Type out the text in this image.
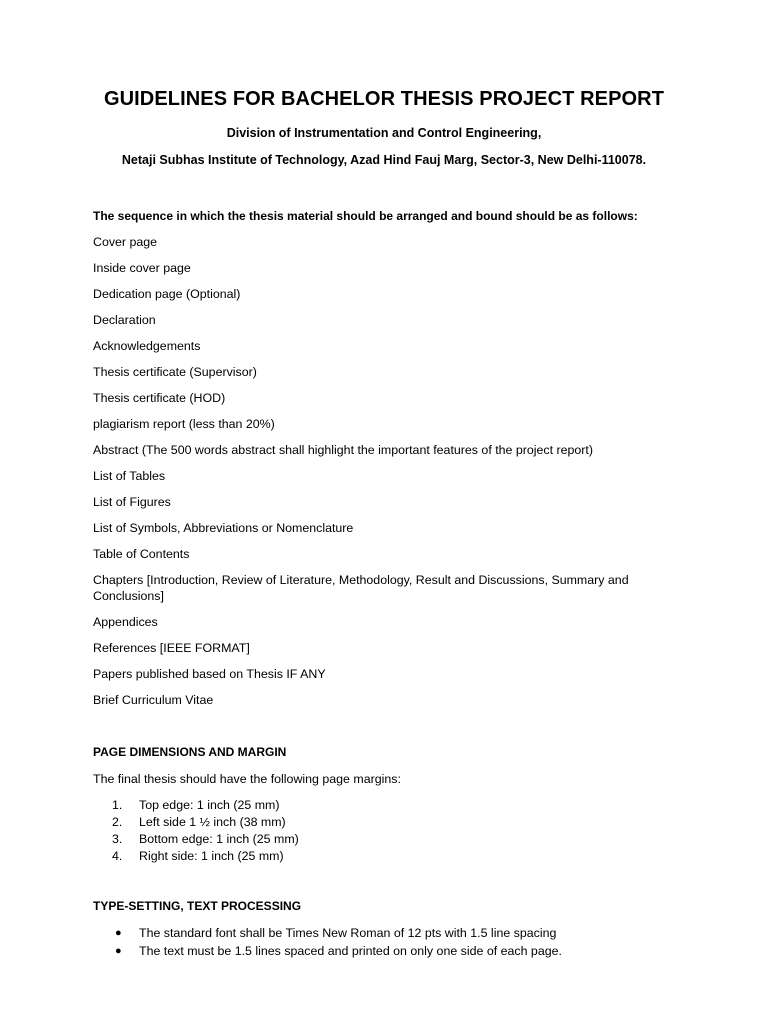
GUIDELINES FOR BACHELOR THESIS PROJECT REPORT
Division of Instrumentation and Control Engineering,
Netaji Subhas Institute of Technology, Azad Hind Fauj Marg, Sector-3, New Delhi-110078.
The sequence in which the thesis material should be arranged and bound should be as follows:
Cover page
Inside cover page
Dedication page (Optional)
Declaration
Acknowledgements
Thesis certificate (Supervisor)
Thesis certificate (HOD)
plagiarism report (less than 20%)
Abstract (The 500 words abstract shall highlight the important features of the project report)
List of Tables
List of Figures
List of Symbols, Abbreviations or Nomenclature
Table of Contents
Chapters [Introduction, Review of Literature, Methodology, Result and Discussions, Summary and Conclusions]
Appendices
References [IEEE FORMAT]
Papers published based on Thesis IF ANY
Brief Curriculum Vitae
PAGE DIMENSIONS AND MARGIN
The final thesis should have the following page margins:
1.	Top edge: 1 inch (25 mm)
2.	Left side 1 ½ inch (38 mm)
3.	Bottom edge: 1 inch (25 mm)
4.	Right side: 1 inch (25 mm)
TYPE-SETTING, TEXT PROCESSING
●	The standard font shall be Times New Roman of 12 pts with 1.5 line spacing
●	The text must be 1.5 lines spaced and printed on only one side of each page.
